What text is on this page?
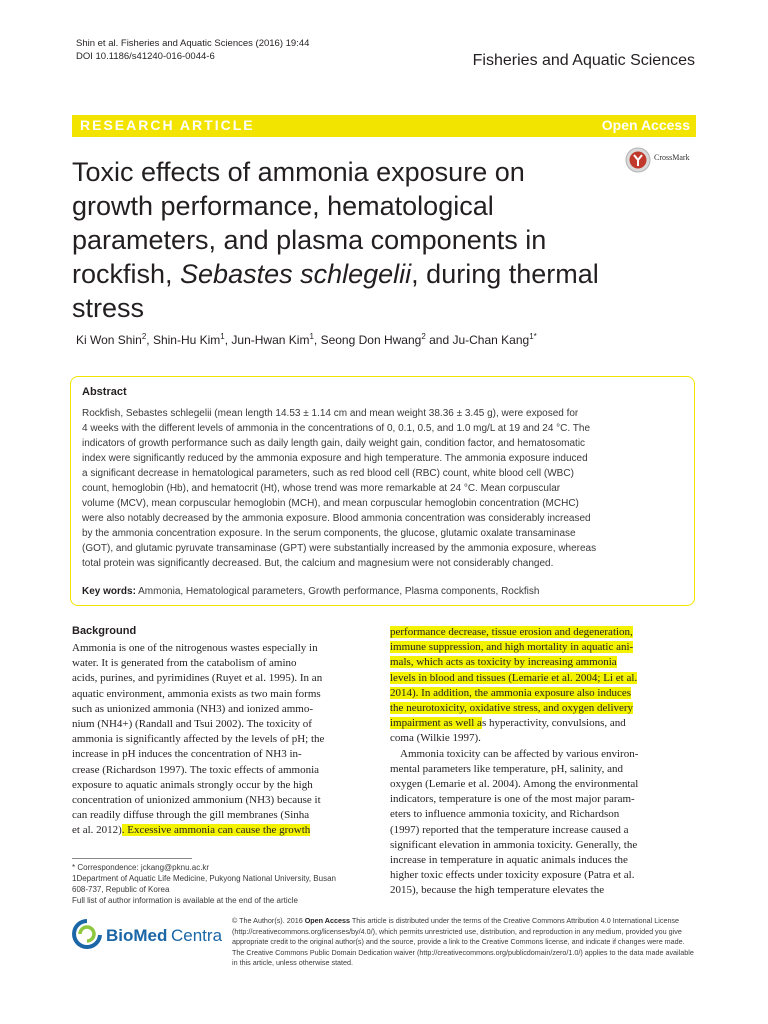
Shin et al. Fisheries and Aquatic Sciences (2016) 19:44
DOI 10.1186/s41240-016-0044-6	Fisheries and Aquatic Sciences
RESEARCH ARTICLE	Open Access
Toxic effects of ammonia exposure on
growth performance, hematological
parameters, and plasma components in
rockfish, Sebastes schlegelii, during thermal
stress
CrossMark
Ki Won Shin$^2$, Shin-Hu Kim$^1$, Jun-Hwan Kim$^1$, Seong Don Hwang$^2$ and Ju-Chan Kang$^{1*}$
Abstract
Rockfish, Sebastes schlegelii (mean length 14.53 ± 1.14 cm and mean weight 38.36 ± 3.45 g), were exposed for
4 weeks with the different levels of ammonia in the concentrations of 0, 0.1, 0.5, and 1.0 mg/L at 19 and 24 °C. The
indicators of growth performance such as daily length gain, daily weight gain, condition factor, and hematosomatic
index were significantly reduced by the ammonia exposure and high temperature. The ammonia exposure induced
a significant decrease in hematological parameters, such as red blood cell (RBC) count, white blood cell (WBC)
count, hemoglobin (Hb), and hematocrit (Ht), whose trend was more remarkable at 24 °C. Mean corpuscular
volume (MCV), mean corpuscular hemoglobin (MCH), and mean corpuscular hemoglobin concentration (MCHC)
were also notably decreased by the ammonia exposure. Blood ammonia concentration was considerably increased
by the ammonia concentration exposure. In the serum components, the glucose, glutamic oxalate transaminase
(GOT), and glutamic pyruvate transaminase (GPT) were substantially increased by the ammonia exposure, whereas
total protein was significantly decreased. But, the calcium and magnesium were not considerably changed.
Key words: Ammonia, Hematological parameters, Growth performance, Plasma components, Rockfish
Background
Ammonia is one of the nitrogenous wastes especially in
water. It is generated from the catabolism of amino
acids, purines, and pyrimidines (Ruyet et al. 1995). In an
aquatic environment, ammonia exists as two main forms
such as unionized ammonia (NH3) and ionized ammo-
nium (NH4+) (Randall and Tsui 2002). The toxicity of
ammonia is significantly affected by the levels of pH; the
increase in pH induces the concentration of NH3 in-
crease (Richardson 1997). The toxic effects of ammonia
exposure to aquatic animals strongly occur by the high
concentration of unionized ammonium (NH3) because it
can readily diffuse through the gill membranes (Sinha
et al. 2012). Excessive ammonia can cause the growth
performance decrease, tissue erosion and degeneration,
immune suppression, and high mortality in aquatic ani-
mals, which acts as toxicity by increasing ammonia
levels in blood and tissues (Lemarie et al. 2004; Li et al.
2014). In addition, the ammonia exposure also induces
the neurotoxicity, oxidative stress, and oxygen delivery
impairment as well as hyperactivity, convulsions, and
coma (Wilkie 1997).
Ammonia toxicity can be affected by various environ-
mental parameters like temperature, pH, salinity, and
oxygen (Lemarie et al. 2004). Among the environmental
indicators, temperature is one of the most major param-
eters to influence ammonia toxicity, and Richardson
(1997) reported that the temperature increase caused a
significant elevation in ammonia toxicity. Generally, the
increase in temperature in aquatic animals induces the
higher toxic effects under toxicity exposure (Patra et al.
2015), because the high temperature elevates the
* Correspondence: jckang@pknu.ac.kr
1Department of Aquatic Life Medicine, Pukyong National University, Busan
608-737, Republic of Korea
Full list of author information is available at the end of the article
BioMed Central
© The Author(s). 2016 Open Access This article is distributed under the terms of the Creative Commons Attribution 4.0 International License (http://creativecommons.org/licenses/by/4.0/), which permits unrestricted use, distribution, and reproduction in any medium, provided you give appropriate credit to the original author(s) and the source, provide a link to the Creative Commons license, and indicate if changes were made. The Creative Commons Public Domain Dedication waiver (http://creativecommons.org/publicdomain/zero/1.0/) applies to the data made available in this article, unless otherwise stated.
